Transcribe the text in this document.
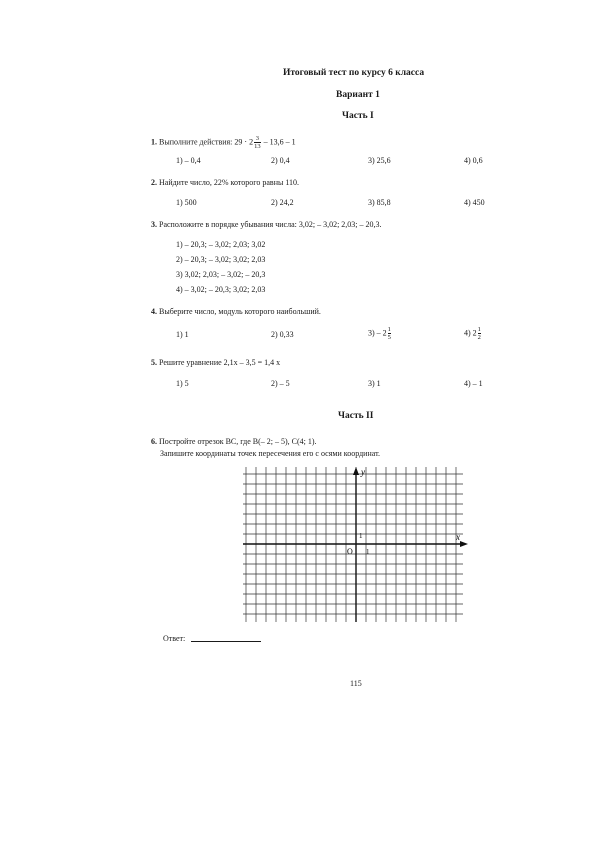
Итоговый тест по курсу 6 класса
Вариант 1
Часть I
1. Выполните действия: $29 \cdot 2 \frac{3}{13} - 13,6 - 1$
1) – 0,4	2) 0,4	3) 25,6	4) 0,6
2. Найдите число, 22% которого равны 110.
1) 500	2) 24,2	3) 85,8	4) 450
3. Расположите в порядке убывания числа: 3,02; – 3,02; 2,03; – 20,3.
1) – 20,3; – 3,02; 2,03; 3,02
2) – 20,3; – 3,02; 3,02; 2,03
3) 3,02; 2,03; – 3,02; – 20,3
4) – 3,02; – 20,3; 3,02; 2,03
4. Выберите число, модуль которого наибольший.
1) 1	2) 0,33	$3) - 2 \frac{1}{5}$	4) $2 \frac{1}{2}$
5. Решите уравнение 2,1x – 3,5 = 1,4 x
1) 5	2) – 5	3) 1	4) – 1
Часть II
6. Постройте отрезок BC, где B(– 2; – 5), C(4; 1).
Запишите координаты точек пересечения его с осями координат.
x
y
O 1
1
Ответ:
115
